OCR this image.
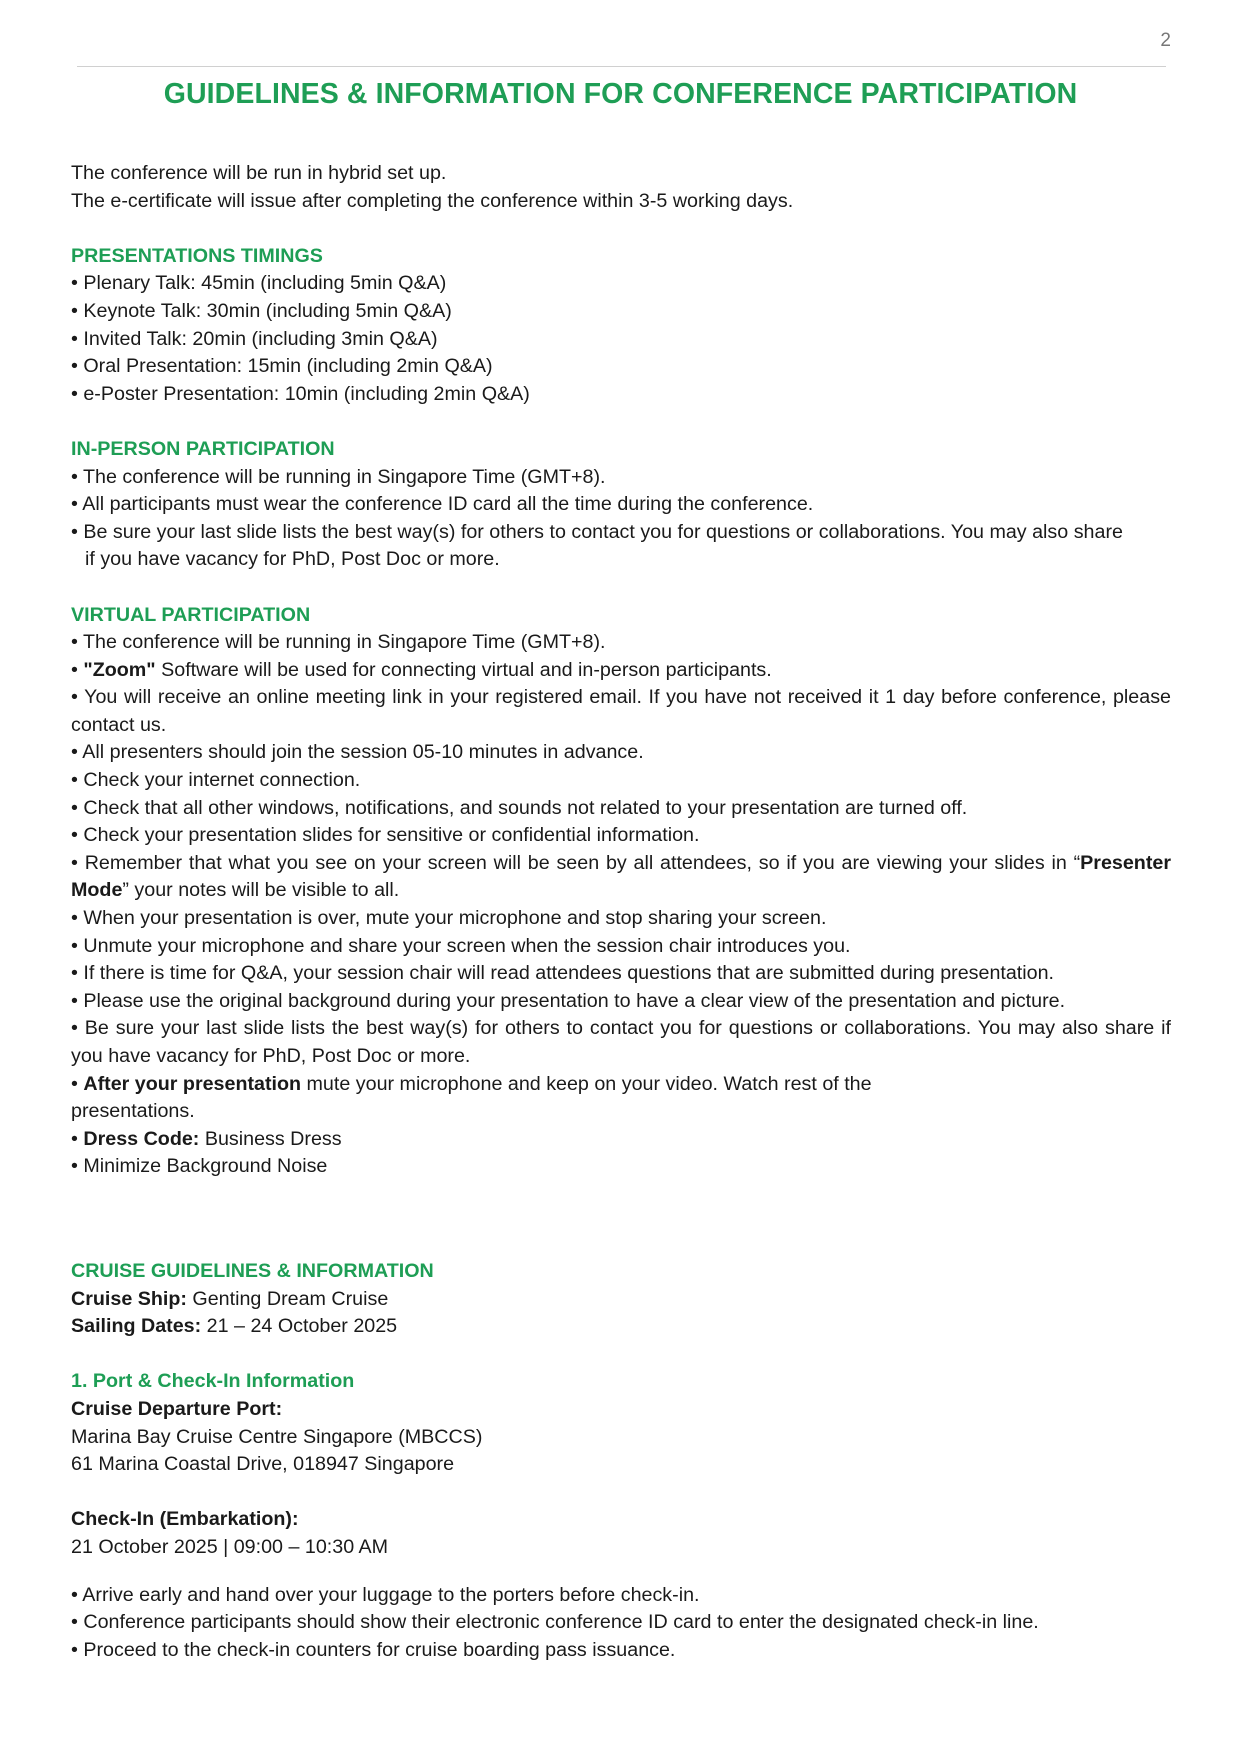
2
GUIDELINES & INFORMATION FOR CONFERENCE PARTICIPATION

The conference will be run in hybrid set up.

The e-certificate will issue after completing the conference within 3-5 working days.

PRESENTATIONS TIMINGS

• Plenary Talk: 45min (including 5min Q&A)

• Keynote Talk: 30min (including 5min Q&A)

• Invited Talk: 20min (including 3min Q&A)

• Oral Presentation: 15min (including 2min Q&A)

• e-Poster Presentation: 10min (including 2min Q&A)

IN-PERSON PARTICIPATION

• The conference will be running in Singapore Time (GMT+8).

• All participants must wear the conference ID card all the time during the conference.

• Be sure your last slide lists the best way(s) for others to contact you for questions or collaborations. You may also share

if you have vacancy for PhD, Post Doc or more.

VIRTUAL PARTICIPATION

• The conference will be running in Singapore Time (GMT+8).

• "Zoom" Software will be used for connecting virtual and in-person participants.

• You will receive an online meeting link in your registered email. If you have not received it 1 day before conference, please contact us.

• All presenters should join the session 05-10 minutes in advance.

• Check your internet connection.

• Check that all other windows, notifications, and sounds not related to your presentation are turned off.

• Check your presentation slides for sensitive or confidential information.

• Remember that what you see on your screen will be seen by all attendees, so if you are viewing your slides in “Presenter Mode” your notes will be visible to all.

• When your presentation is over, mute your microphone and stop sharing your screen.

• Unmute your microphone and share your screen when the session chair introduces you.

• If there is time for Q&A, your session chair will read attendees questions that are submitted during presentation.

• Please use the original background during your presentation to have a clear view of the presentation and picture.

• Be sure your last slide lists the best way(s) for others to contact you for questions or collaborations. You may also share if you have vacancy for PhD, Post Doc or more.

• After your presentation mute your microphone and keep on your video. Watch rest of the

presentations.

• Dress Code: Business Dress

• Minimize Background Noise

CRUISE GUIDELINES & INFORMATION

Cruise Ship: Genting Dream Cruise

Sailing Dates: 21 – 24 October 2025

1. Port & Check-In Information

Cruise Departure Port:

Marina Bay Cruise Centre Singapore (MBCCS)

61 Marina Coastal Drive, 018947 Singapore

Check-In (Embarkation):

21 October 2025 | 09:00 – 10:30 AM

• Arrive early and hand over your luggage to the porters before check-in.

• Conference participants should show their electronic conference ID card to enter the designated check-in line.

• Proceed to the check-in counters for cruise boarding pass issuance.
